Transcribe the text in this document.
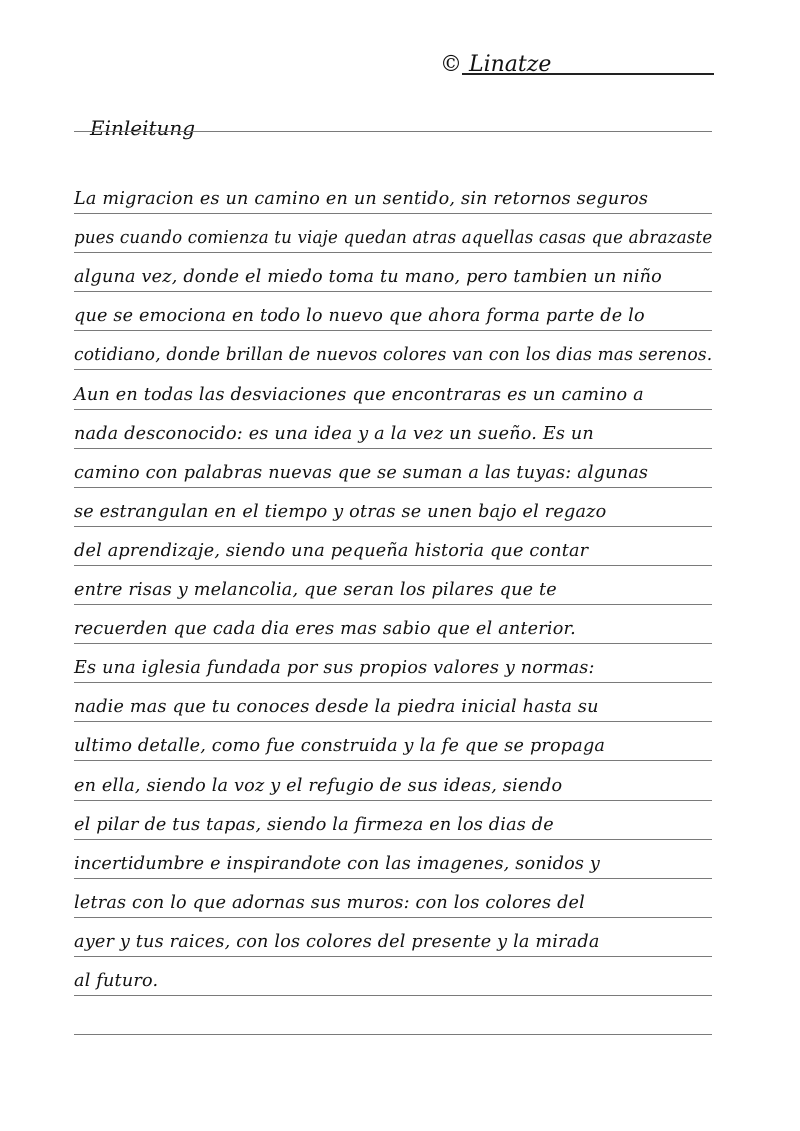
© Linatze
Einleitung
La migracion es un camino en un sentido, sin retornos seguros
pues cuando comienza tu viaje quedan atras aquellas casas que abrazaste
alguna vez, donde el miedo toma tu mano, pero tambien un niño
que se emociona en todo lo nuevo que ahora forma parte de lo
cotidiano, donde brillan de nuevos colores van con los dias mas serenos.
Aun en todas las desviaciones que encontraras es un camino a
nada desconocido: es una idea y a la vez un sueño. Es un
camino con palabras nuevas que se suman a las tuyas: algunas
se estrangulan en el tiempo y otras se unen bajo el regazo
del aprendizaje, siendo una pequeña historia que contar
entre risas y melancolia, que seran los pilares que te
recuerden que cada dia eres mas sabio que el anterior.
Es una iglesia fundada por sus propios valores y normas:
nadie mas que tu conoces desde la piedra inicial hasta su
ultimo detalle, como fue construida y la fe que se propaga
en ella, siendo la voz y el refugio de sus ideas, siendo
el pilar de tus tapas, siendo la firmeza en los dias de
incertidumbre e inspirandote con las imagenes, sonidos y
letras con lo que adornas sus muros: con los colores del
ayer y tus raices, con los colores del presente y la mirada
al futuro.
